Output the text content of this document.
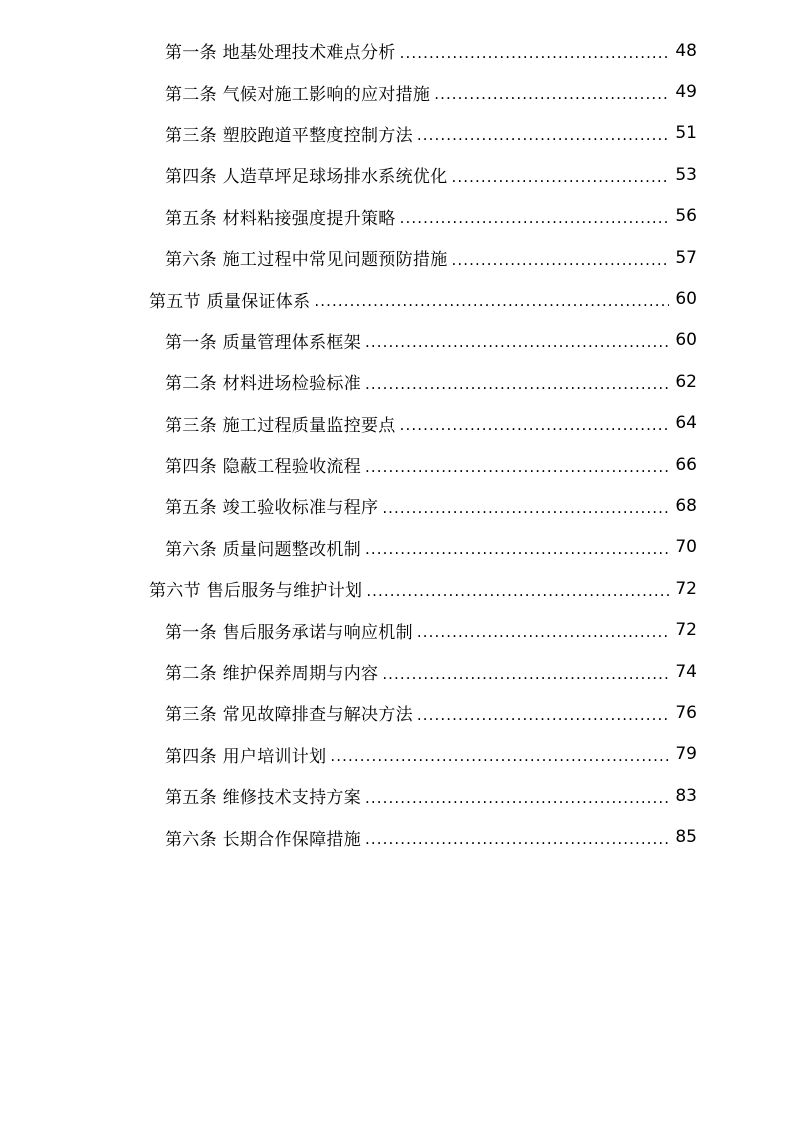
第一条 地基处理技术难点分析 .....	48
第二条 气候对施工影响的应对措施 .....	49
第三条 塑胶跑道平整度控制方法 .....	51
第四条 人造草坪足球场排水系统优化 .....	53
第五条 材料粘接强度提升策略 .....	56
第六条 施工过程中常见问题预防措施 .....	57
第五节 质量保证体系 .....	60
第一条 质量管理体系框架 .....	60
第二条 材料进场检验标准 .....	62
第三条 施工过程质量监控要点 .....	64
第四条 隐蔽工程验收流程 .....	66
第五条 竣工验收标准与程序 .....	68
第六条 质量问题整改机制 .....	70
第六节 售后服务与维护计划 .....	72
第一条 售后服务承诺与响应机制 .....	72
第二条 维护保养周期与内容 .....	74
第三条 常见故障排查与解决方法 .....	76
第四条 用户培训计划 .....	79
第五条 维修技术支持方案 .....	83
第六条 长期合作保障措施 .....	85
